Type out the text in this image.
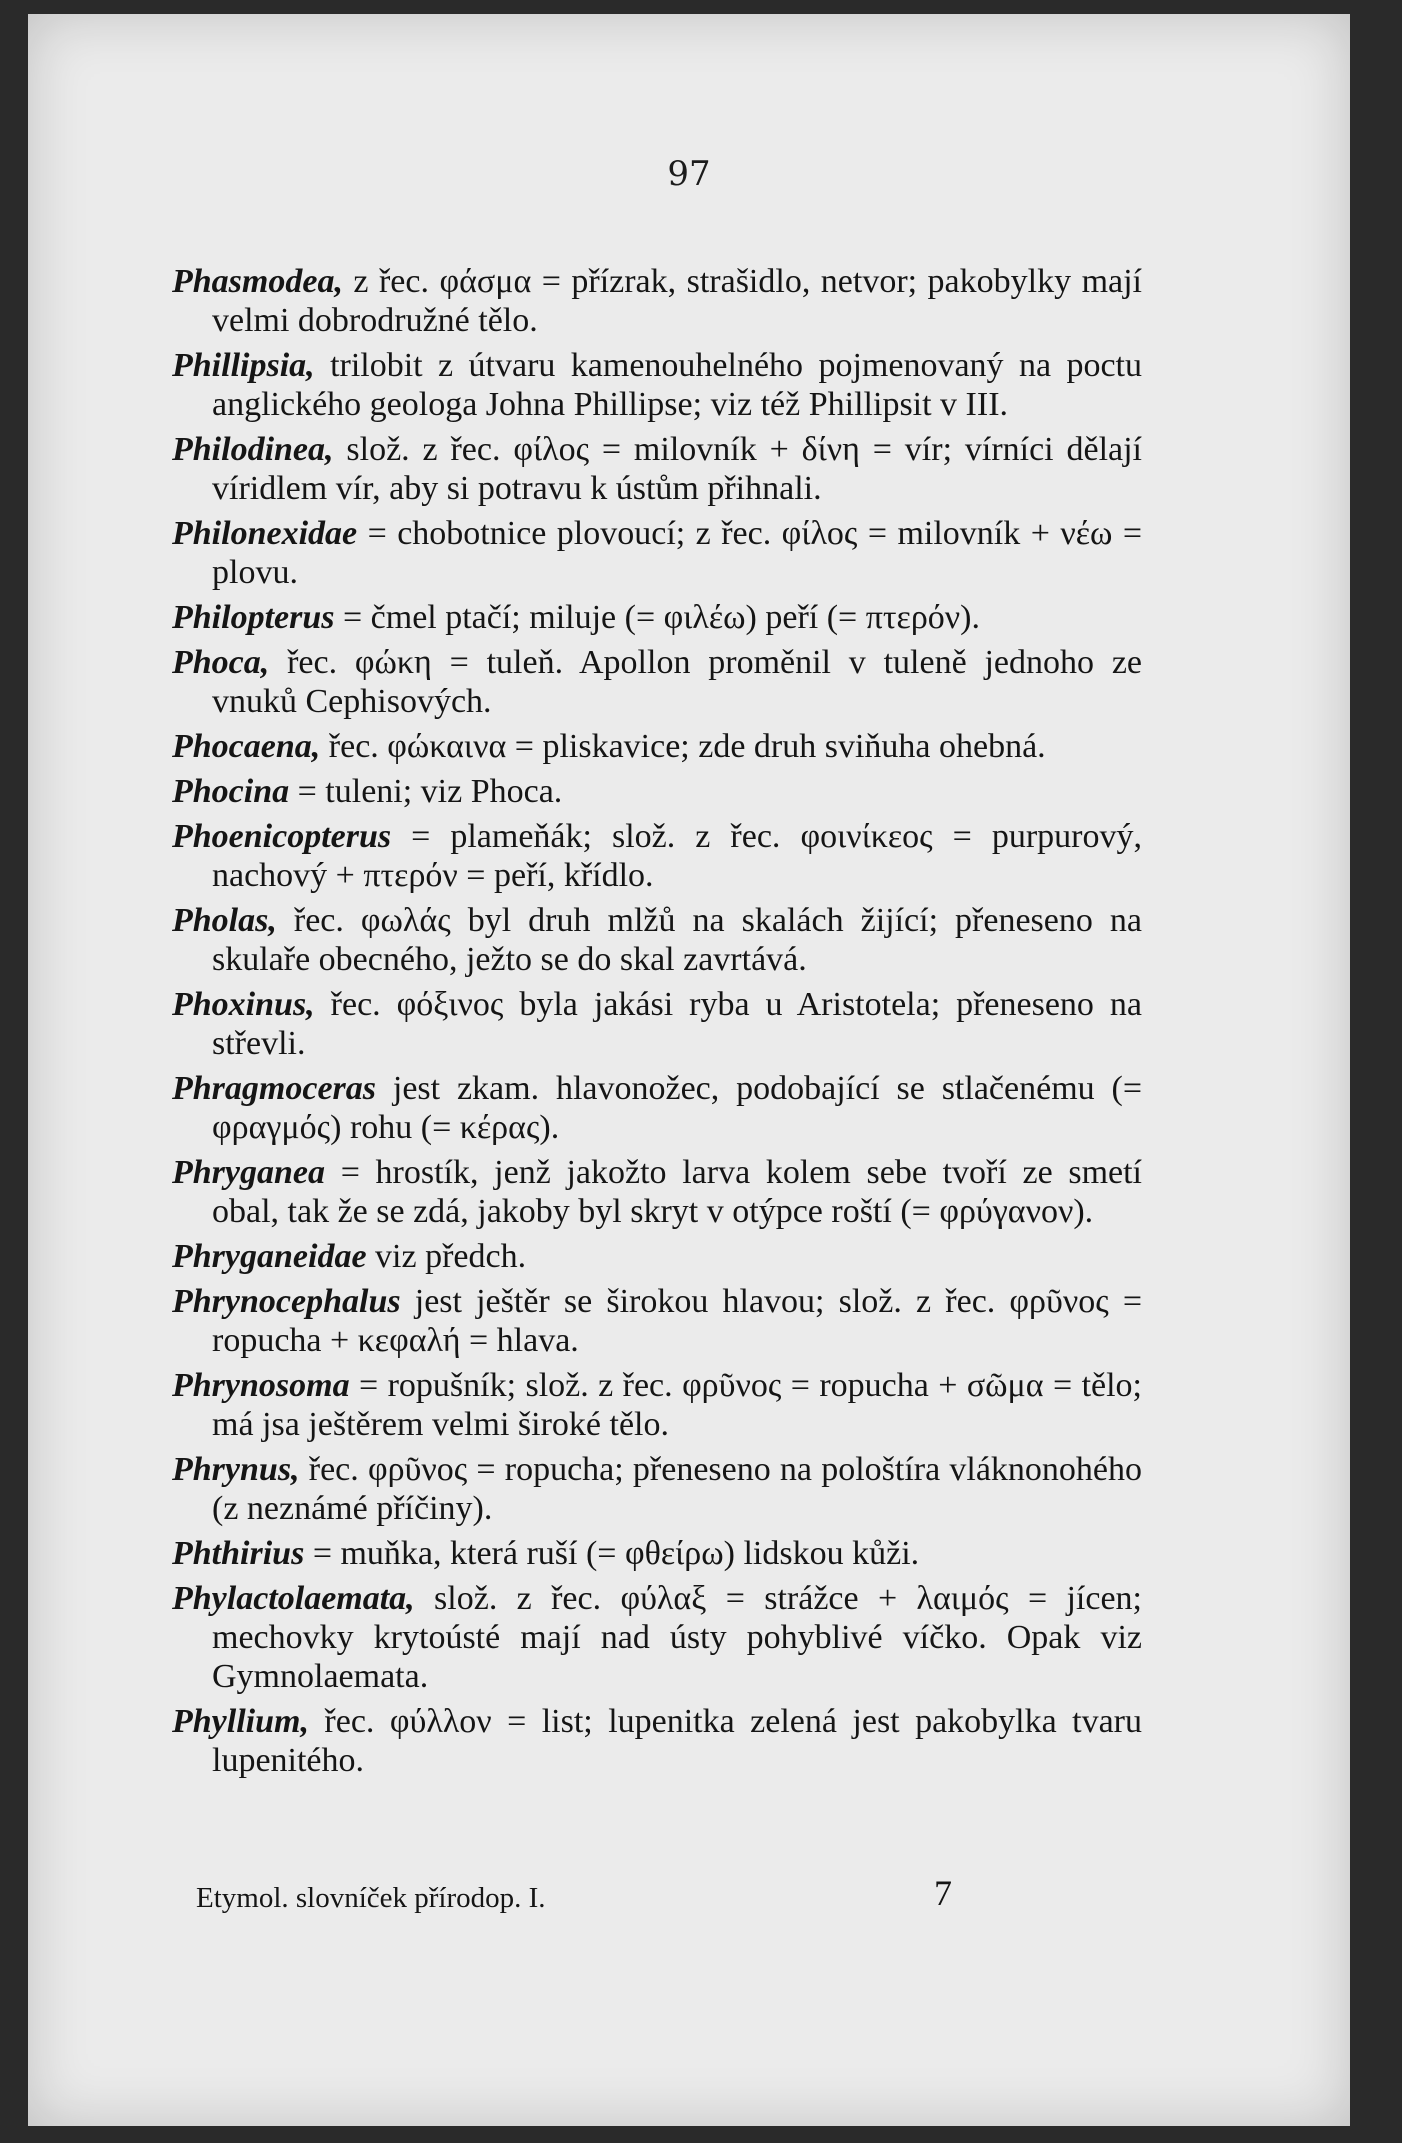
97
Phasmodea, z řec. φάσμα = přízrak, strašidlo, netvor; pakobylky mají velmi dobrodružné tělo.
Phillipsia, trilobit z útvaru kamenouhelného pojmenovaný na poctu anglického geologa Johna Phillipse; viz též Phillipsit v III.
Philodinea, slož. z řec. φίλος = milovník + δίνη = vír; vírníci dělají víridlem vír, aby si potravu k ústům přihnali.
Philonexidae = chobotnice plovoucí; z řec. φίλος = milovník + νέω = plovu.
Philopterus = čmel ptačí; miluje (= φιλέω) peří (= πτερόν).
Phoca, řec. φώκη = tuleň. Apollon proměnil v tuleně jednoho ze vnuků Cephisových.
Phocaena, řec. φώκαινα = pliskavice; zde druh sviňuha ohebná.
Phocina = tuleni; viz Phoca.
Phoenicopterus = plameňák; slož. z řec. φοινίκεος = purpurový, nachový + πτερόν = peří, křídlo.
Pholas, řec. φωλάς byl druh mlžů na skalách žijící; přeneseno na skulaře obecného, ježto se do skal zavrtává.
Phoxinus, řec. φόξινος byla jakási ryba u Aristotela; přeneseno na střevli.
Phragmoceras jest zkam. hlavonožec, podobající se stlačenému (= φραγμός) rohu (= κέρας).
Phryganea = hrostík, jenž jakožto larva kolem sebe tvoří ze smetí obal, tak že se zdá, jakoby byl skryt v otýpce roští (= φρύγανον).
Phryganeidae viz předch.
Phrynocephalus jest ještěr se širokou hlavou; slož. z řec. φρῦνος = ropucha + κεφαλή = hlava.
Phrynosoma = ropušník; slož. z řec. φρῦνος = ropucha + σῶμα = tělo; má jsa ještěrem velmi široké tělo.
Phrynus, řec. φρῦνος = ropucha; přeneseno na pološtíra vláknonohého (z neznámé příčiny).
Phthirius = muňka, která ruší (= φθείρω) lidskou kůži.
Phylactolaemata, slož. z řec. φύλαξ = strážce + λαιμός = jícen; mechovky krytoústé mají nad ústy pohyblivé víčko. Opak viz Gymnolaemata.
Phyllium, řec. φύλλον = list; lupenitka zelená jest pakobylka tvaru lupenitého.
Etymol. slovníček přírodop. I.	7
